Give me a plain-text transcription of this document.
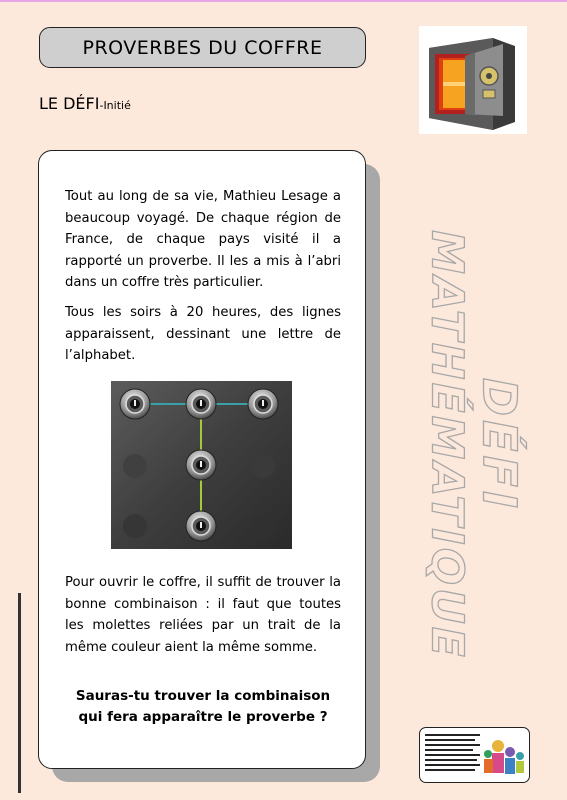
PROVERBES DU COFFRE
LE DÉFI-Initié

Tout au long de sa vie, Mathieu Lesage a beaucoup voyagé. De chaque région de France, de chaque pays visité il a rapporté un proverbe. Il les a mis à l’abri dans un coffre très particulier.

Tous les soirs à 20 heures, des lignes apparaissent, dessinant une lettre de l’alphabet.

Pour ouvrir le coffre, il suffit de trouver la bonne combinaison : il faut que toutes les molettes reliées par un trait de la même couleur aient la même somme.

Sauras-tu trouver la combinaison
qui fera apparaître le proverbe ?
DÉFI
MATHÉMATIQUE
